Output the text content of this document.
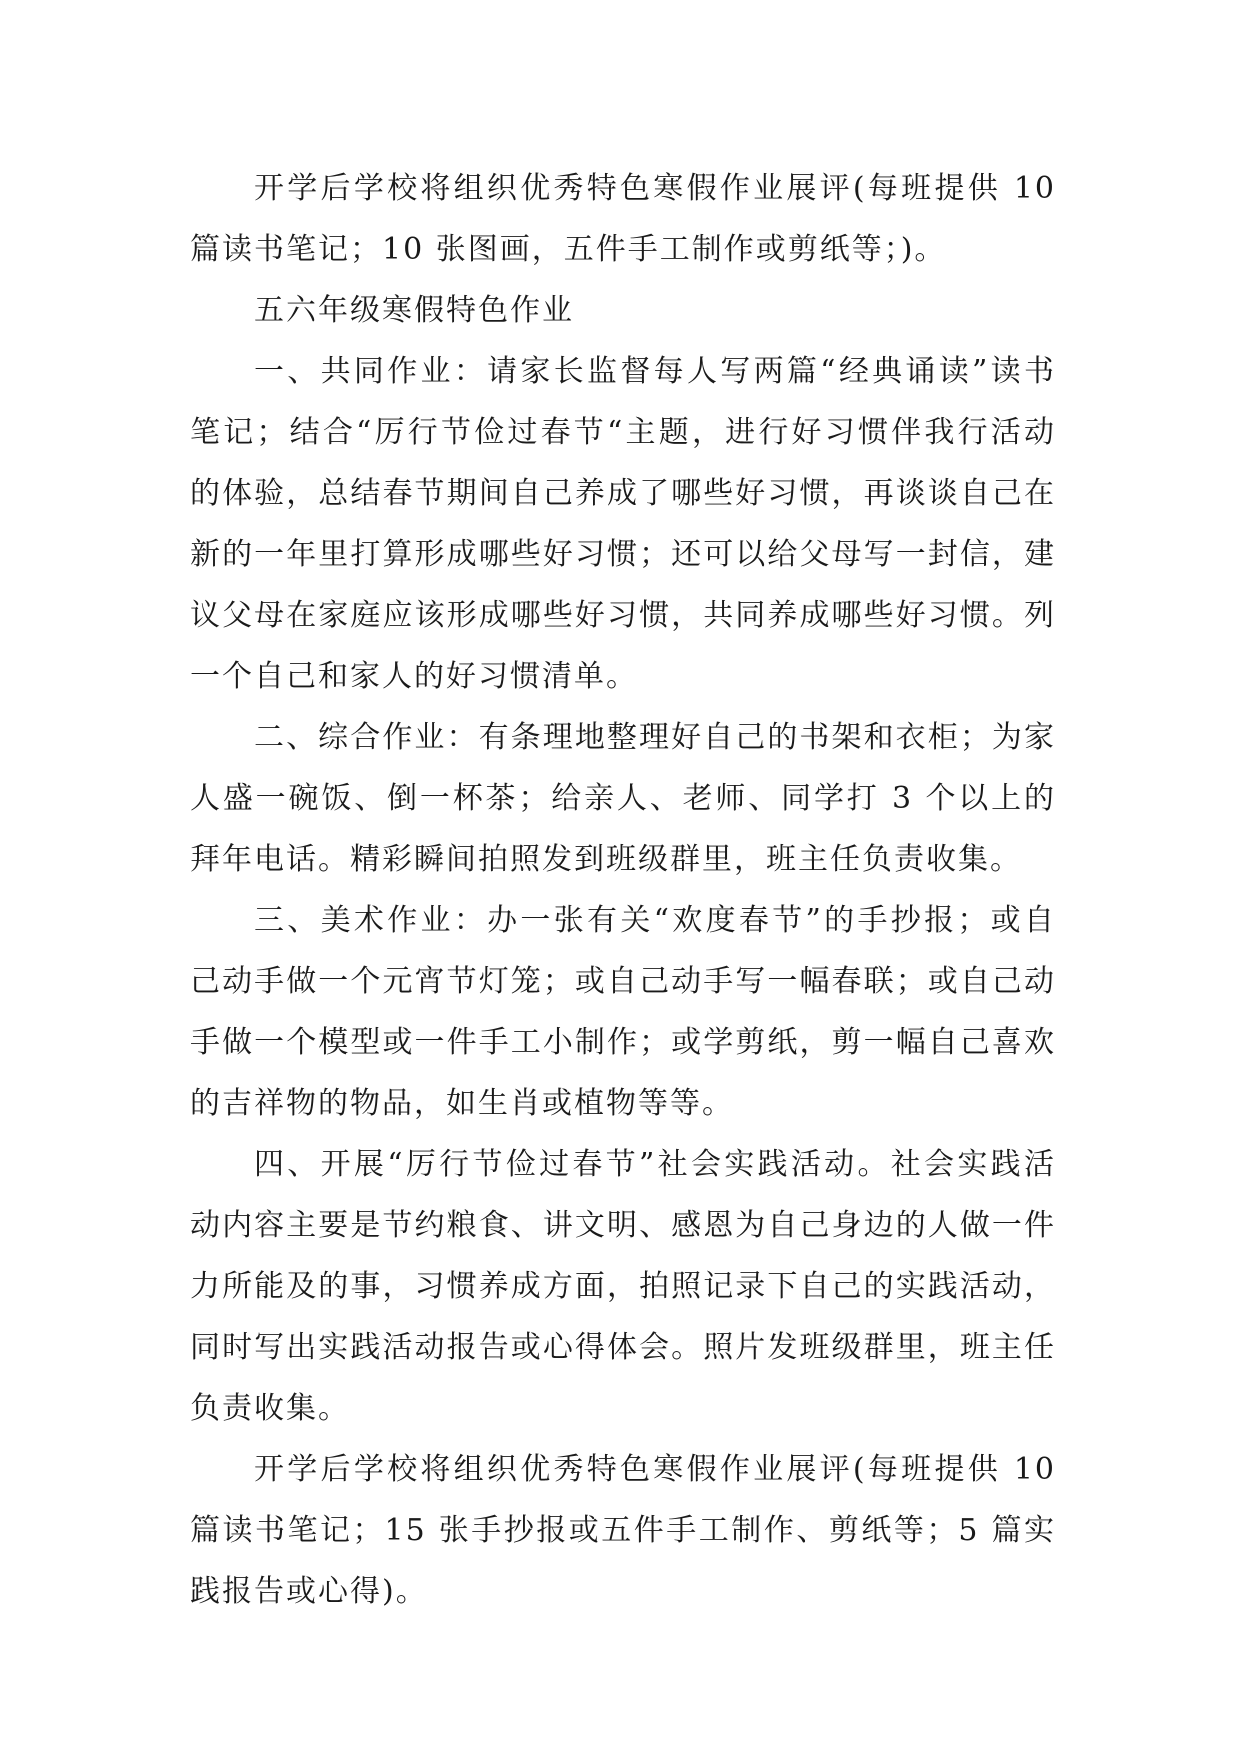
开学后学校将组织优秀特色寒假作业展评(每班提供 10 篇读书笔记；10 张图画，五件手工制作或剪纸等；)。

五六年级寒假特色作业

一、共同作业：请家长监督每人写两篇“经典诵读”读书笔记；结合“厉行节俭过春节“主题，进行好习惯伴我行活动的体验，总结春节期间自己养成了哪些好习惯，再谈谈自己在新的一年里打算形成哪些好习惯；还可以给父母写一封信，建议父母在家庭应该形成哪些好习惯，共同养成哪些好习惯。列一个自己和家人的好习惯清单。

二、综合作业：有条理地整理好自己的书架和衣柜；为家人盛一碗饭、倒一杯茶；给亲人、老师、同学打 3 个以上的拜年电话。精彩瞬间拍照发到班级群里，班主任负责收集。

三、美术作业：办一张有关“欢度春节”的手抄报；或自己动手做一个元宵节灯笼；或自己动手写一幅春联；或自己动手做一个模型或一件手工小制作；或学剪纸，剪一幅自己喜欢的吉祥物的物品，如生肖或植物等等。

四、开展“厉行节俭过春节”社会实践活动。社会实践活动内容主要是节约粮食、讲文明、感恩为自己身边的人做一件力所能及的事，习惯养成方面，拍照记录下自己的实践活动，同时写出实践活动报告或心得体会。照片发班级群里，班主任负责收集。

开学后学校将组织优秀特色寒假作业展评(每班提供 10 篇读书笔记；15 张手抄报或五件手工制作、剪纸等；5 篇实践报告或心得)。
